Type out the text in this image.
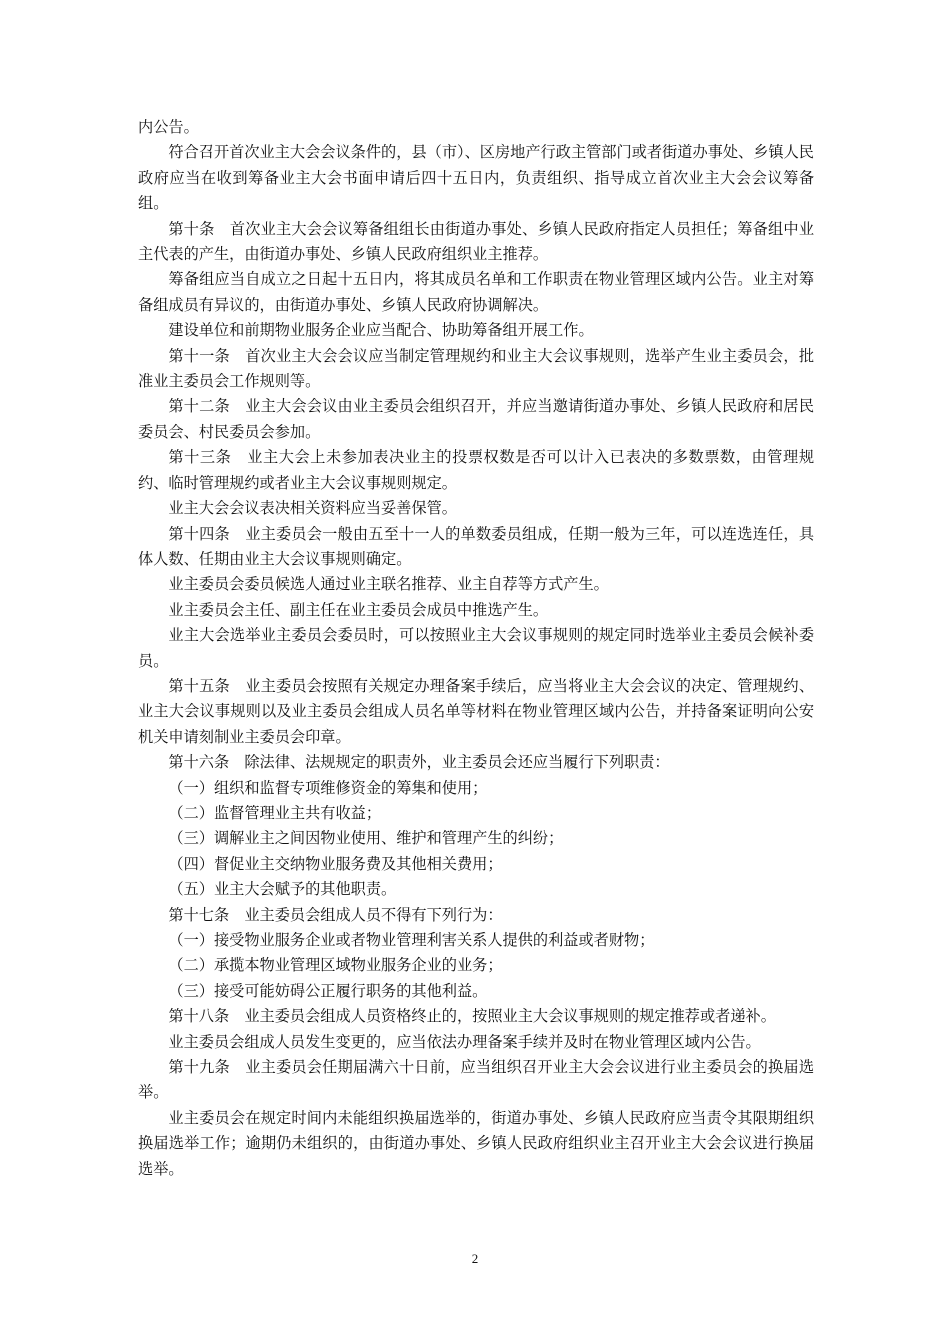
内公告。

符合召开首次业主大会会议条件的，县（市）、区房地产行政主管部门或者街道办事处、乡镇人民政府应当在收到筹备业主大会书面申请后四十五日内，负责组织、指导成立首次业主大会会议筹备组。

第十条　首次业主大会会议筹备组组长由街道办事处、乡镇人民政府指定人员担任；筹备组中业主代表的产生，由街道办事处、乡镇人民政府组织业主推荐。

筹备组应当自成立之日起十五日内，将其成员名单和工作职责在物业管理区域内公告。业主对筹备组成员有异议的，由街道办事处、乡镇人民政府协调解决。

建设单位和前期物业服务企业应当配合、协助筹备组开展工作。

第十一条　首次业主大会会议应当制定管理规约和业主大会议事规则，选举产生业主委员会，批准业主委员会工作规则等。

第十二条　业主大会会议由业主委员会组织召开，并应当邀请街道办事处、乡镇人民政府和居民委员会、村民委员会参加。

第十三条　业主大会上未参加表决业主的投票权数是否可以计入已表决的多数票数，由管理规约、临时管理规约或者业主大会议事规则规定。

业主大会会议表决相关资料应当妥善保管。

第十四条　业主委员会一般由五至十一人的单数委员组成，任期一般为三年，可以连选连任，具体人数、任期由业主大会议事规则确定。

业主委员会委员候选人通过业主联名推荐、业主自荐等方式产生。

业主委员会主任、副主任在业主委员会成员中推选产生。

业主大会选举业主委员会委员时，可以按照业主大会议事规则的规定同时选举业主委员会候补委员。

第十五条　业主委员会按照有关规定办理备案手续后，应当将业主大会会议的决定、管理规约、业主大会议事规则以及业主委员会组成人员名单等材料在物业管理区域内公告，并持备案证明向公安机关申请刻制业主委员会印章。

第十六条　除法律、法规规定的职责外，业主委员会还应当履行下列职责：

（一）组织和监督专项维修资金的筹集和使用；

（二）监督管理业主共有收益；

（三）调解业主之间因物业使用、维护和管理产生的纠纷；

（四）督促业主交纳物业服务费及其他相关费用；

（五）业主大会赋予的其他职责。

第十七条　业主委员会组成人员不得有下列行为：

（一）接受物业服务企业或者物业管理利害关系人提供的利益或者财物；

（二）承揽本物业管理区域物业服务企业的业务；

（三）接受可能妨碍公正履行职务的其他利益。

第十八条　业主委员会组成人员资格终止的，按照业主大会议事规则的规定推荐或者递补。

业主委员会组成人员发生变更的，应当依法办理备案手续并及时在物业管理区域内公告。

第十九条　业主委员会任期届满六十日前，应当组织召开业主大会会议进行业主委员会的换届选举。

业主委员会在规定时间内未能组织换届选举的，街道办事处、乡镇人民政府应当责令其限期组织换届选举工作；逾期仍未组织的，由街道办事处、乡镇人民政府组织业主召开业主大会会议进行换届选举。

2
